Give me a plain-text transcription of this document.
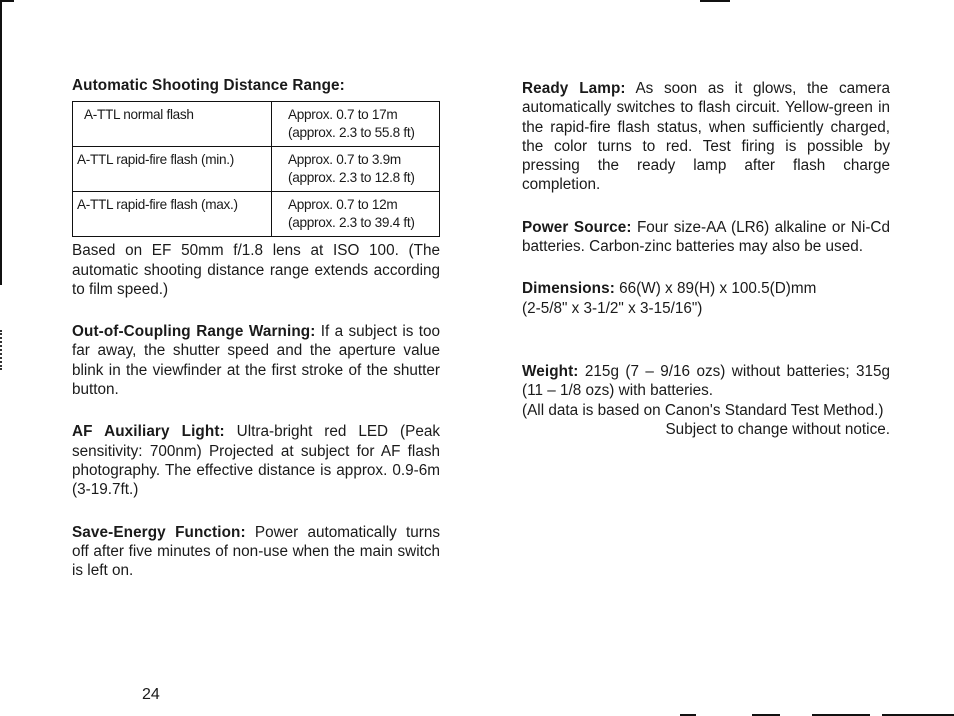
Automatic Shooting Distance Range:
A-TTL normal flash	Approx. 0.7 to 17m
(approx. 2.3 to 55.8 ft)

A-TTL rapid-fire flash (min.)	Approx. 0.7 to 3.9m
(approx. 2.3 to 12.8 ft)

A-TTL rapid-fire flash (max.)	Approx. 0.7 to 12m
(approx. 2.3 to 39.4 ft)

Based on EF 50mm f/1.8 lens at ISO 100. (The automatic shooting distance range extends according to film speed.)

Out-of-Coupling Range Warning: If a subject is too far away, the shutter speed and the aperture value blink in the viewfinder at the first stroke of the shutter button.

AF Auxiliary Light: Ultra-bright red LED (Peak sensitivity: 700nm) Projected at subject for AF flash photography. The effective distance is approx. 0.9-6m (3-19.7ft.)

Save-Energy Function: Power automatically turns off after five minutes of non-use when the main switch is left on.

Ready Lamp: As soon as it glows, the camera automatically switches to flash circuit. Yellow-green in the rapid-fire flash status, when sufficiently charged, the color turns to red. Test firing is possible by pressing the ready lamp after flash charge completion.

Power Source: Four size-AA (LR6) alkaline or Ni-Cd batteries. Carbon-zinc batteries may also be used.

Dimensions: 66(W) x 89(H) x 100.5(D)mm
(2-5/8" x 3-1/2" x 3-15/16")

Weight: 215g (7 – 9/16 ozs) without batteries; 315g (11 – 1/8 ozs) with batteries.

(All data is based on Canon's Standard Test Method.)

Subject to change without notice.
24
